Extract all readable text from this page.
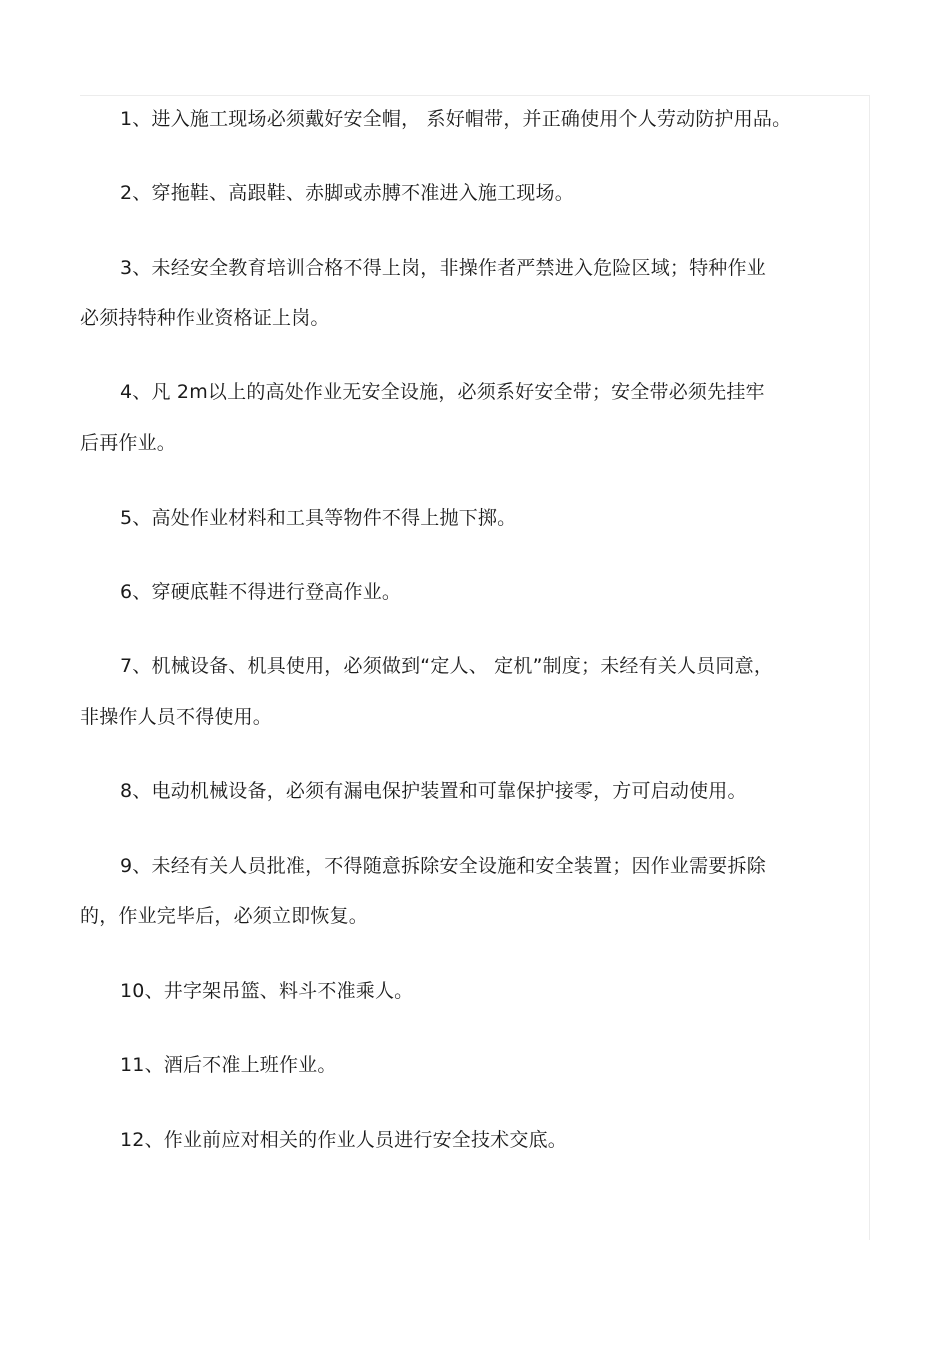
1、进入施工现场必须戴好安全帽， 系好帽带，并正确使用个人劳动防护用品。

2、穿拖鞋、高跟鞋、赤脚或赤膊不准进入施工现场。

3、未经安全教育培训合格不得上岗，非操作者严禁进入危险区域；特种作业

必须持特种作业资格证上岗。

4、凡 2m以上的高处作业无安全设施，必须系好安全带；安全带必须先挂牢

后再作业。

5、高处作业材料和工具等物件不得上抛下掷。

6、穿硬底鞋不得进行登高作业。

7、机械设备、机具使用，必须做到“定人、 定机”制度；未经有关人员同意，

非操作人员不得使用。

8、电动机械设备，必须有漏电保护装置和可靠保护接零，方可启动使用。

9、未经有关人员批准，不得随意拆除安全设施和安全装置；因作业需要拆除

的，作业完毕后，必须立即恢复。

10、井字架吊篮、料斗不准乘人。

11、酒后不准上班作业。

12、作业前应对相关的作业人员进行安全技术交底。
